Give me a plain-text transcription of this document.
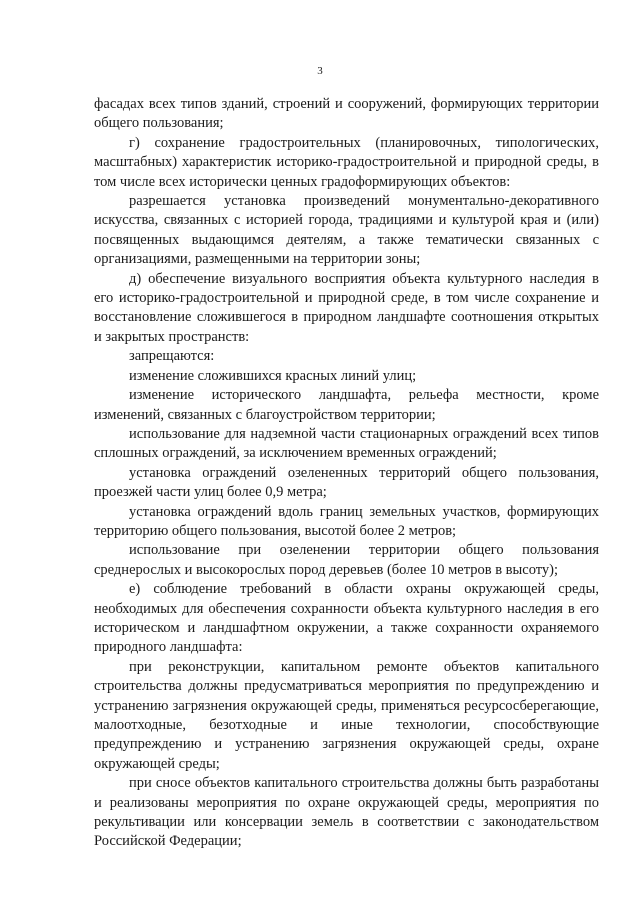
3

фасадах всех типов зданий, строений и сооружений, формирующих территории общего пользования;

г) сохранение градостроительных (планировочных, типологических, масштабных) характеристик историко-градостроительной и природной среды, в том числе всех исторически ценных градоформирующих объектов:

разрешается установка произведений монументально-декоративного искусства, связанных с историей города, традициями и культурой края и (или) посвященных выдающимся деятелям, а также тематически связанных с организациями, размещенными на территории зоны;

д) обеспечение визуального восприятия объекта культурного наследия в его историко-градостроительной и природной среде, в том числе сохранение и восстановление сложившегося в природном ландшафте соотношения открытых и закрытых пространств:

запрещаются:

изменение сложившихся красных линий улиц;

изменение исторического ландшафта, рельефа местности, кроме изменений, связанных с благоустройством территории;

использование для надземной части стационарных ограждений всех типов сплошных ограждений, за исключением временных ограждений;

установка ограждений озелененных территорий общего пользования, проезжей части улиц более 0,9 метра;

установка ограждений вдоль границ земельных участков, формирующих территорию общего пользования, высотой более 2 метров;

использование при озеленении территории общего пользования среднерослых и высокорослых пород деревьев (более 10 метров в высоту);

е) соблюдение требований в области охраны окружающей среды, необходимых для обеспечения сохранности объекта культурного наследия в его историческом и ландшафтном окружении, а также сохранности охраняемого природного ландшафта:

при реконструкции, капитальном ремонте объектов капитального строительства должны предусматриваться мероприятия по предупреждению и устранению загрязнения окружающей среды, применяться ресурсосберегающие, малоотходные, безотходные и иные технологии, способствующие предупреждению и устранению загрязнения окружающей среды, охране окружающей среды;

при сносе объектов капитального строительства должны быть разработаны и реализованы мероприятия по охране окружающей среды, мероприятия по рекультивации или консервации земель в соответствии с законодательством Российской Федерации;
